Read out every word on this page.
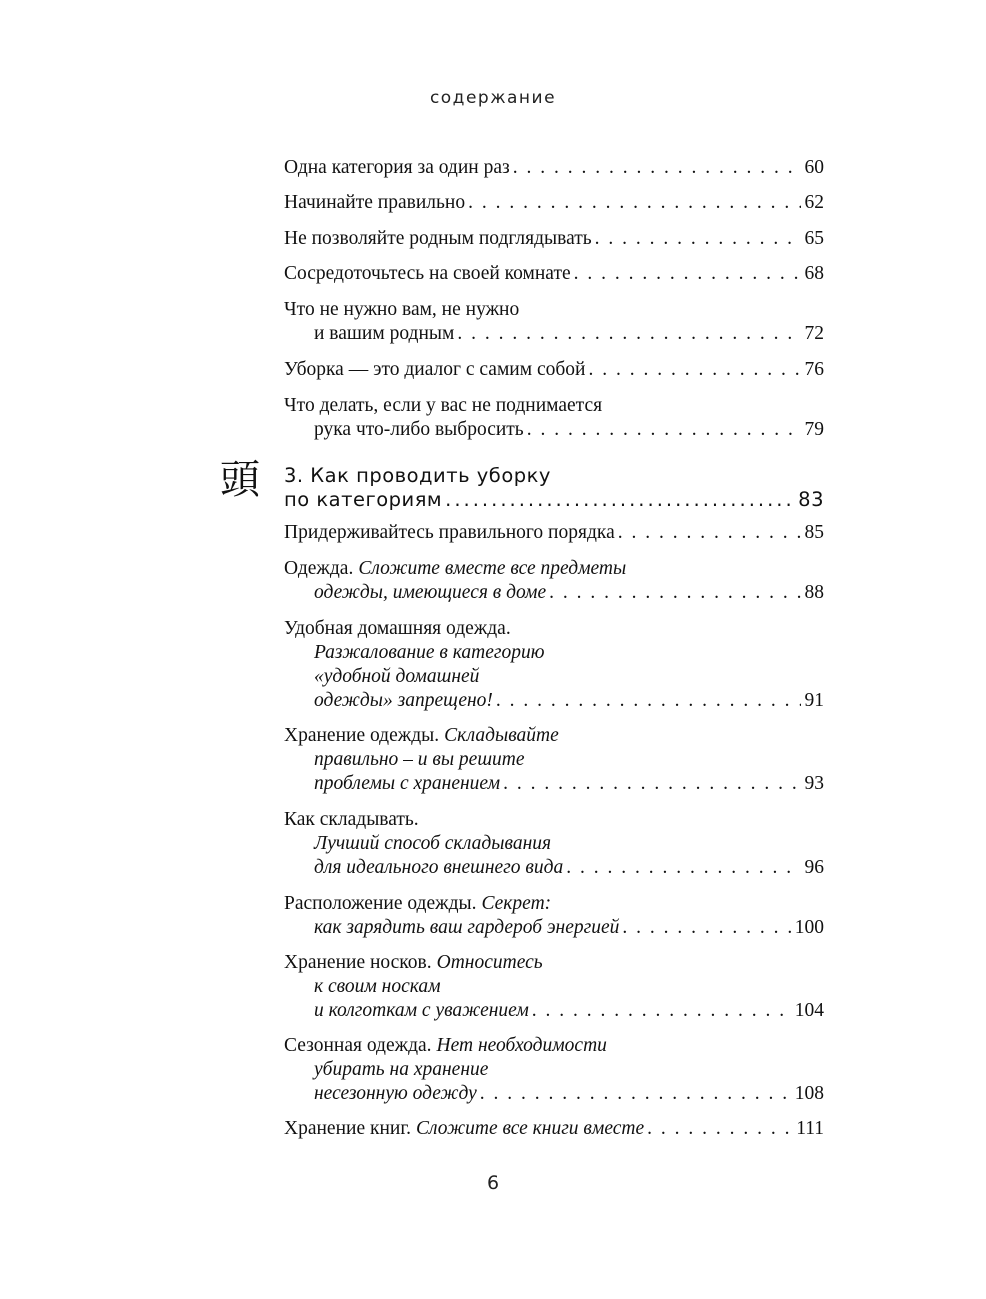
содержание
Одна категория за один раз . . .	60
Начинайте правильно . . .	62
Не позволяйте родным подглядывать . . .	65
Сосредоточьтесь на своей комнате . . .	68
Что не нужно вам, не нужно
и вашим родным . . .	72
Уборка — это диалог с самим собой . . .	76
Что делать, если у вас не поднимается
рука что-либо выбросить . . .	79
3. Как проводить уборку
по категориям .....	83
Придерживайтесь правильного порядка . . .	85
Одежда. Сложите вместе все предметы
одежды, имеющиеся в доме . . .	88
Удобная домашняя одежда.
Разжалование в категорию
«удобной домашней
одежды» запрещено! . . .	91
Хранение одежды. Складывайте
правильно – и вы решите
проблемы с хранением . . .	93
Как складывать.
Лучший способ складывания
для идеального внешнего вида . . .	96
Расположение одежды. Секрет:
как зарядить ваш гардероб энергией . . .	100
Хранение носков. Относитесь
к своим носкам
и колготкам с уважением . . .	104
Сезонная одежда. Нет необходимости
убирать на хранение
несезонную одежду . . .	108
Хранение книг. Сложите все книги вместе . . .	111
頭
6
